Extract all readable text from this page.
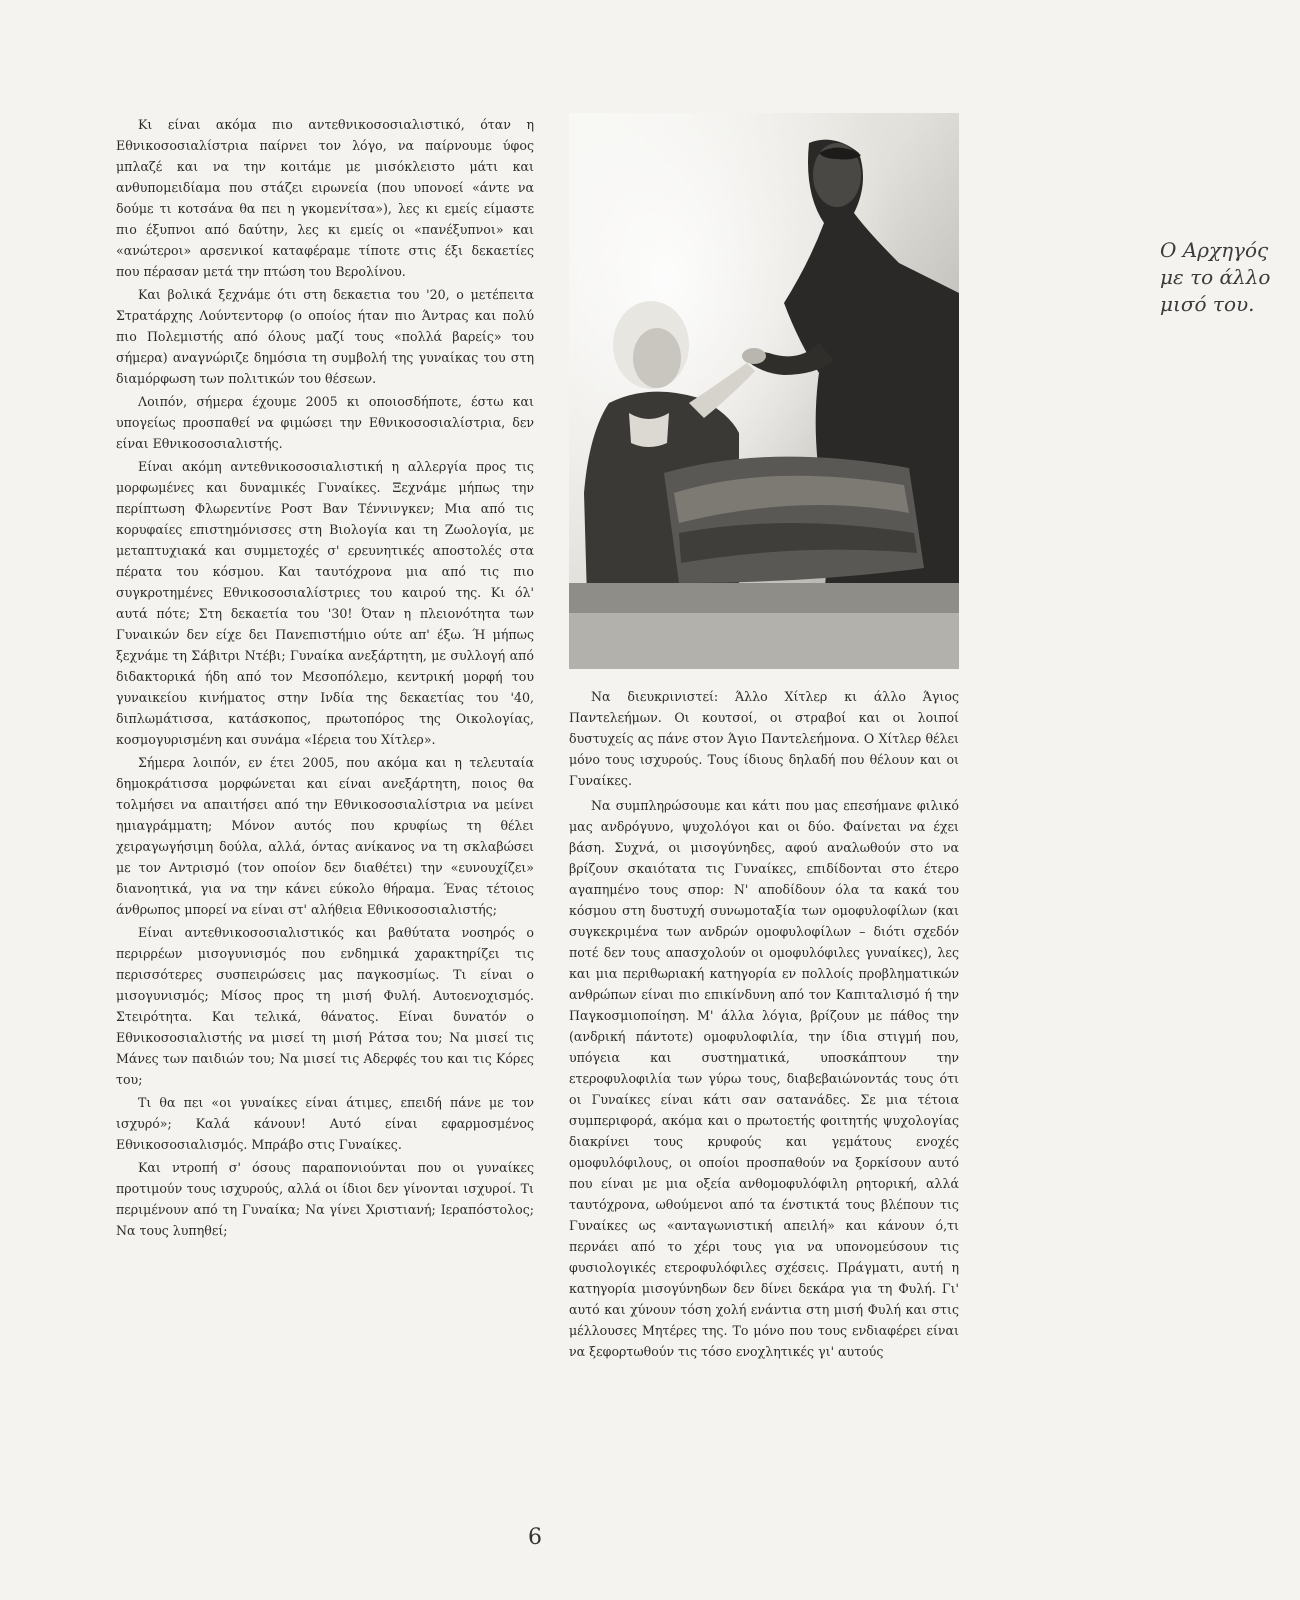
Κι είναι ακόμα πιο αντεθνικοσοσιαλιστικό, όταν η Εθνικοσοσιαλίστρια παίρνει τον λόγο, να παίρνουμε ύφος μπλαζέ και να την κοιτάμε με μισόκλειστο μάτι και ανθυπομειδίαμα που στάζει ειρωνεία (που υπονοεί «άντε να δούμε τι κοτσάνα θα πει η γκομενίτσα»), λες κι εμείς είμαστε πιο έξυπνοι από δαύτην, λες κι εμείς οι «πανέξυπνοι» και «ανώτεροι» αρσενικοί καταφέραμε τίποτε στις έξι δεκαετίες που πέρασαν μετά την πτώση του Βερολίνου.

Και βολικά ξεχνάμε ότι στη δεκαετια του '20, ο μετέπειτα Στρατάρχης Λούντεντορφ (ο οποίος ήταν πιο Άντρας και πολύ πιο Πολεμιστής από όλους μαζί τους «πολλά βαρείς» του σήμερα) αναγνώριζε δημόσια τη συμβολή της γυναίκας του στη διαμόρφωση των πολιτικών του θέσεων.

Λοιπόν, σήμερα έχουμε 2005 κι οποιοσδήποτε, έστω και υπογείως προσπαθεί να φιμώσει την Εθνικοσοσιαλίστρια, δεν είναι Εθνικοσοσιαλιστής.

Είναι ακόμη αντεθνικοσοσιαλιστική η αλλεργία προς τις μορφωμένες και δυναμικές Γυναίκες. Ξεχνάμε μήπως την περίπτωση Φλωρεντίνε Ροστ Βαν Τέννινγκεν; Μια από τις κορυφαίες επιστημόνισσες στη Βιολογία και τη Ζωολογία, με μεταπτυχιακά και συμμετοχές σ' ερευνητικές αποστολές στα πέρατα του κόσμου. Και ταυτόχρονα μια από τις πιο συγκροτημένες Εθνικοσοσιαλίστριες του καιρού της. Κι όλ' αυτά πότε; Στη δεκαετία του '30! Όταν η πλειονότητα των Γυναικών δεν είχε δει Πανεπιστήμιο ούτε απ' έξω. Ή μήπως ξεχνάμε τη Σάβιτρι Ντέβι; Γυναίκα ανεξάρτητη, με συλλογή από διδακτορικά ήδη από τον Μεσοπόλεμο, κεντρική μορφή του γυναικείου κινήματος στην Ινδία της δεκαετίας του '40, διπλωμάτισσα, κατάσκοπος, πρωτοπόρος της Οικολογίας, κοσμογυρισμένη και συνάμα «Ιέρεια του Χίτλερ».

Σήμερα λοιπόν, εν έτει 2005, που ακόμα και η τελευταία δημοκράτισσα μορφώνεται και είναι ανεξάρτητη, ποιος θα τολμήσει να απαιτήσει από την Εθνικοσοσιαλίστρια να μείνει ημιαγράμματη; Μόνον αυτός που κρυφίως τη θέλει χειραγωγήσιμη δούλα, αλλά, όντας ανίκανος να τη σκλαβώσει με τον Αντρισμό (τον οποίον δεν διαθέτει) την «ευνουχίζει» διανοητικά, για να την κάνει εύκολο θήραμα. Ένας τέτοιος άνθρωπος μπορεί να είναι στ' αλήθεια Εθνικοσοσιαλιστής;

Είναι αντεθνικοσοσιαλιστικός και βαθύτατα νοσηρός ο περιρρέων μισογυνισμός που ενδημικά χαρακτηρίζει τις περισσότερες συσπειρώσεις μας παγκοσμίως. Τι είναι ο μισογυνισμός; Μίσος προς τη μισή Φυλή. Αυτοενοχισμός. Στειρότητα. Και τελικά, θάνατος. Είναι δυνατόν ο Εθνικοσοσιαλιστής να μισεί τη μισή Ράτσα του; Να μισεί τις Μάνες των παιδιών του; Να μισεί τις Αδερφές του και τις Κόρες του;

Τι θα πει «οι γυναίκες είναι άτιμες, επειδή πάνε με τον ισχυρό»; Καλά κάνουν! Αυτό είναι εφαρμοσμένος Εθνικοσοσιαλισμός. Μπράβο στις Γυναίκες.

Και ντροπή σ' όσους παραπονιούνται που οι γυναίκες προτιμούν τους ισχυρούς, αλλά οι ίδιοι δεν γίνονται ισχυροί. Τι περιμένουν από τη Γυναίκα; Να γίνει Χριστιανή; Ιεραπόστολος; Να τους λυπηθεί;

Ο Αρχηγός
με το άλλο
μισό του.

Να διευκρινιστεί: Άλλο Χίτλερ κι άλλο Άγιος Παντελεήμων. Οι κουτσοί, οι στραβοί και οι λοιποί δυστυχείς ας πάνε στον Άγιο Παντελεήμονα. Ο Χίτλερ θέλει μόνο τους ισχυρούς. Τους ίδιους δηλαδή που θέλουν και οι Γυναίκες.

Να συμπληρώσουμε και κάτι που μας επεσήμανε φιλικό μας ανδρόγυνο, ψυχολόγοι και οι δύο. Φαίνεται να έχει βάση. Συχνά, οι μισογύνηδες, αφού αναλωθούν στο να βρίζουν σκαιότατα τις Γυναίκες, επιδίδονται στο έτερο αγαπημένο τους σπορ: Ν' αποδίδουν όλα τα κακά του κόσμου στη δυστυχή συνωμοταξία των ομοφυλοφίλων (και συγκεκριμένα των ανδρών ομοφυλοφίλων – διότι σχεδόν ποτέ δεν τους απασχολούν οι ομοφυλόφιλες γυναίκες), λες και μια περιθωριακή κατηγορία εν πολλοίς προβληματικών ανθρώπων είναι πιο επικίνδυνη από τον Καπιταλισμό ή την Παγκοσμιοποίηση. Μ' άλλα λόγια, βρίζουν με πάθος την (ανδρική πάντοτε) ομοφυλοφιλία, την ίδια στιγμή που, υπόγεια και συστηματικά, υποσκάπτουν την ετεροφυλοφιλία των γύρω τους, διαβεβαιώνοντάς τους ότι οι Γυναίκες είναι κάτι σαν σατανάδες. Σε μια τέτοια συμπεριφορά, ακόμα και ο πρωτοετής φοιτητής ψυχολογίας διακρίνει τους κρυφούς και γεμάτους ενοχές ομοφυλόφιλους, οι οποίοι προσπαθούν να ξορκίσουν αυτό που είναι με μια οξεία ανθομοφυλόφιλη ρητορική, αλλά ταυτόχρονα, ωθούμενοι από τα ένστικτά τους βλέπουν τις Γυναίκες ως «ανταγωνιστική απειλή» και κάνουν ό,τι περνάει από το χέρι τους για να υπονομεύσουν τις φυσιολογικές ετεροφυλόφιλες σχέσεις. Πράγματι, αυτή η κατηγορία μισογύνηδων δεν δίνει δεκάρα για τη Φυλή. Γι' αυτό και χύνουν τόση χολή ενάντια στη μισή Φυλή και στις μέλλουσες Μητέρες της. Το μόνο που τους ενδιαφέρει είναι να ξεφορτωθούν τις τόσο ενοχλητικές γι' αυτούς

6
